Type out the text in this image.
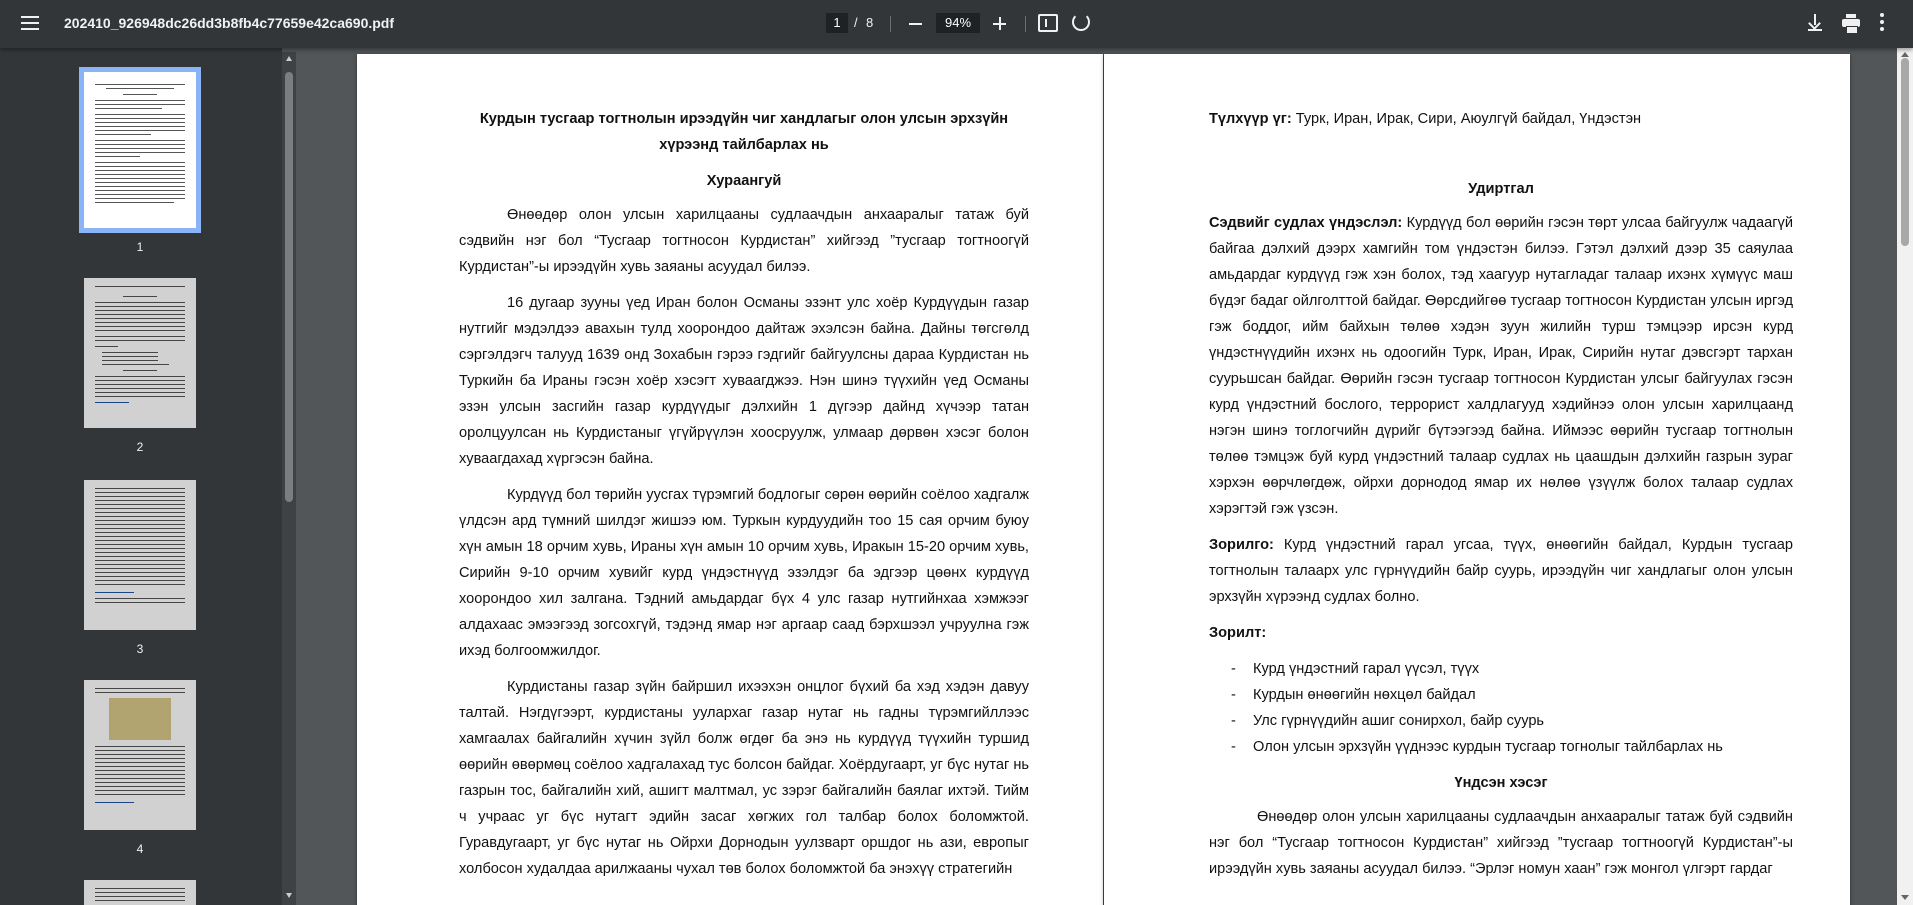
202410_926948dc26dd3b8fb4c77659e42ca690.pdf	1	/ 8	94%
1
2
3
4

Курдын тусгаар тогтнолын ирээдүйн чиг хандлагыг олон улсын эрхзүйн

хүрээнд тайлбарлах нь

Хураангуй

Өнөөдөр олон улсын харилцааны судлаачдын анхааралыг татаж буй сэдвийн нэг бол “Тусгаар тогтносон Курдистан” хийгээд ”тусгаар тогтноогүй Курдистан”-ы ирээдүйн хувь заяаны асуудал билээ.

16 дугаар зууны үед Иран болон Османы эзэнт улс хоёр Курдүүдын газар нутгийг мэдэлдээ авахын тулд хоорондоо дайтаж эхэлсэн байна. Дайны төгсгөлд сэргэлдэгч талууд 1639 онд Зохабын гэрээ гэдгийг байгуулсны дараа Курдистан нь Туркийн ба Ираны гэсэн хоёр хэсэгт хуваагджээ. Нэн шинэ түүхийн үед Османы эзэн улсын засгийн газар курдүүдыг дэлхийн 1 дүгээр дайнд хүчээр татан оролцуулсан нь Курдистаныг үгүйрүүлэн хоосруулж, улмаар дөрвөн хэсэг болон хуваагдахад хүргэсэн байна.

Курдүүд бол төрийн уусгах түрэмгий бодлогыг сөрөн өөрийн соёлоо хадгалж үлдсэн ард түмний шилдэг жишээ юм. Туркын курдуудийн тоо 15 сая орчим буюу хүн амын 18 орчим хувь, Ираны хүн амын 10 орчим хувь, Иракын 15-20 орчим хувь, Сирийн 9-10 орчим хувийг курд үндэстнүүд эзэлдэг ба эдгээр цөөнх курдүүд хоорондоо хил залгана. Тэдний амьдардаг бүх 4 улс газар нутгийнхаа хэмжээг алдахаас эмээгээд зогсохгүй, тэдэнд ямар нэг аргаар саад бэрхшээл учруулна гэж ихэд болгоомжилдог.

Курдистаны газар зүйн байршил ихээхэн онцлог бүхий ба хэд хэдэн давуу талтай. Нэгдүгээрт, курдистаны уулархаг газар нутаг нь гадны түрэмгийллээс хамгаалах байгалийн хүчин зүйл болж өгдөг ба энэ нь курдүүд түүхийн туршид өөрийн өвөрмөц соёлоо хадгалахад тус болсон байдаг. Хоёрдугаарт, уг бүс нутаг нь газрын тос, байгалийн хий, ашигт малтмал, ус зэрэг байгалийн баялаг ихтэй. Тийм ч учраас уг бүс нутагт эдийн засаг хөгжих гол талбар болох боломжтой. Гуравдугаарт, уг бүс нутаг нь Ойрхи Дорнодын уулзварт оршдог нь ази, европыг холбосон худалдаа арилжааны чухал төв болох боломжтой ба энэхүү стратегийн

Түлхүүр үг: Турк, Иран, Ирак, Сири, Аюулгүй байдал, Үндэстэн

Удиртгал

Сэдвийг судлах үндэслэл: Курдүүд бол өөрийн гэсэн төрт улсаа байгуулж чадаагүй байгаа дэлхий дээрх хамгийн том үндэстэн билээ. Гэтэл дэлхий дээр 35 саяулаа амьдардаг курдүүд гэж хэн болох, тэд хаагуур нутагладаг талаар ихэнх хүмүүс маш бүдэг бадаг ойлголттой байдаг. Өөрсдийгөө тусгаар тогтносон Курдистан улсын иргэд гэж боддог, ийм байхын төлөө хэдэн зуун жилийн турш тэмцээр ирсэн курд үндэстнүүдийн ихэнх нь одоогийн Турк, Иран, Ирак, Сирийн нутаг дэвсгэрт тархан суурьшсан байдаг. Өөрийн гэсэн тусгаар тогтносон Курдистан улсыг байгуулах гэсэн курд үндэстний бослого, террорист халдлагууд хэдийнээ олон улсын харилцаанд нэгэн шинэ тоглогчийн дүрийг бүтээгээд байна. Иймээс өөрийн тусгаар тогтнолын төлөө тэмцэж буй курд үндэстний талаар судлах нь цаашдын дэлхийн газрын зураг хэрхэн өөрчлөгдөж, ойрхи дорнодод ямар их нөлөө үзүүлж болох талаар судлах хэрэгтэй гэж үзсэн.

Зорилго: Курд үндэстний гарал угсаа, түүх, өнөөгийн байдал, Курдын тусгаар тогтнолын талаарх улс гүрнүүдийн байр суурь, ирээдүйн чиг хандлагыг олон улсын эрхзүйн хүрээнд судлах болно.

Зорилт:

- Курд үндэстний гарал үүсэл, түүх
- Курдын өнөөгийн нөхцөл байдал
- Улс гүрнүүдийн ашиг сонирхол, байр суурь
- Олон улсын эрхзүйн үүднээс курдын тусгаар тогнолыг тайлбарлах нь

Үндсэн хэсэг

Өнөөдөр олон улсын харилцааны судлаачдын анхааралыг татаж буй сэдвийн нэг бол “Тусгаар тогтносон Курдистан” хийгээд ”тусгаар тогтноогүй Курдистан”-ы ирээдүйн хувь заяаны асуудал билээ. “Эрлэг номун хаан” гэж монгол үлгэрт гардаг
